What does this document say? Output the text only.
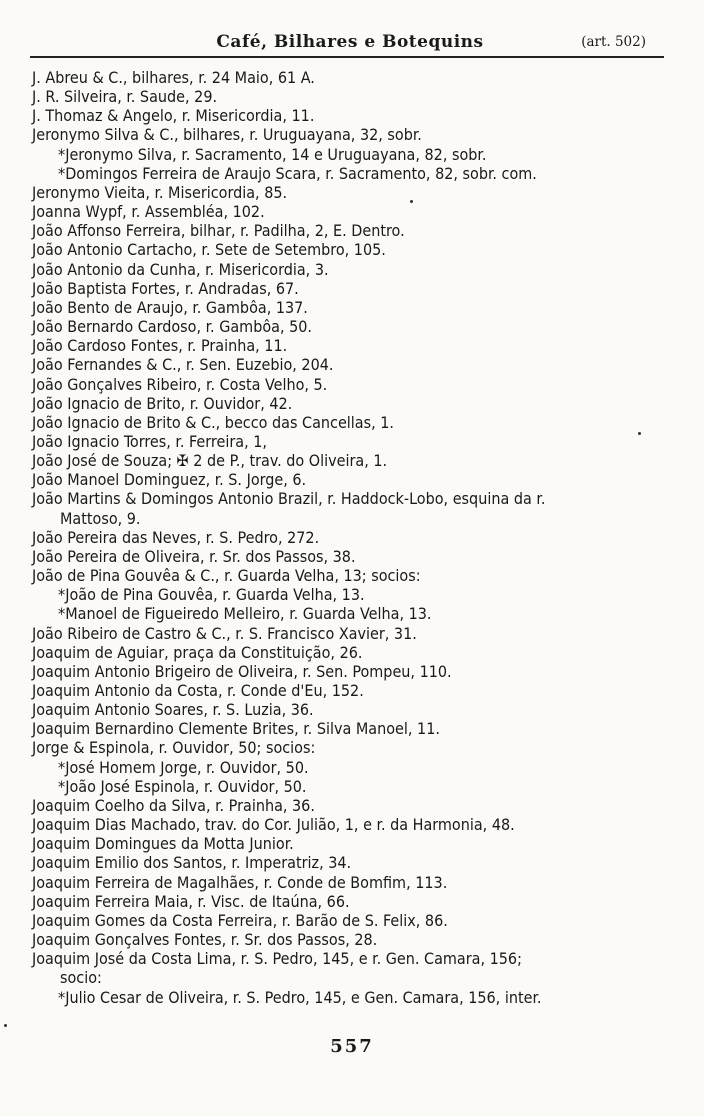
Café, Bilhares e Botequins	(art. 502)
J. Abreu & C., bilhares, r. 24 Maio, 61 A.
J. R. Silveira, r. Saude, 29.
J. Thomaz & Angelo, r. Misericordia, 11.
Jeronymo Silva & C., bilhares, r. Uruguayana, 32, sobr.
*Jeronymo Silva, r. Sacramento, 14 e Uruguayana, 82, sobr.
*Domingos Ferreira de Araujo Scara, r. Sacramento, 82, sobr. com.
Jeronymo Vieita, r. Misericordia, 85.
Joanna Wypf, r. Assembléa, 102.
João Affonso Ferreira, bilhar, r. Padilha, 2, E. Dentro.
João Antonio Cartacho, r. Sete de Setembro, 105.
João Antonio da Cunha, r. Misericordia, 3.
João Baptista Fortes, r. Andradas, 67.
João Bento de Araujo, r. Gambôa, 137.
João Bernardo Cardoso, r. Gambôa, 50.
João Cardoso Fontes, r. Prainha, 11.
João Fernandes & C., r. Sen. Euzebio, 204.
João Gonçalves Ribeiro, r. Costa Velho, 5.
João Ignacio de Brito, r. Ouvidor, 42.
João Ignacio de Brito & C., becco das Cancellas, 1.
João Ignacio Torres, r. Ferreira, 1,
João José de Souza; ✠ 2 de P., trav. do Oliveira, 1.
João Manoel Dominguez, r. S. Jorge, 6.
João Martins & Domingos Antonio Brazil, r. Haddock-Lobo, esquina da r.
Mattoso, 9.
João Pereira das Neves, r. S. Pedro, 272.
João Pereira de Oliveira, r. Sr. dos Passos, 38.
João de Pina Gouvêa & C., r. Guarda Velha, 13; socios:
*João de Pina Gouvêa, r. Guarda Velha, 13.
*Manoel de Figueiredo Melleiro, r. Guarda Velha, 13.
João Ribeiro de Castro & C., r. S. Francisco Xavier, 31.
Joaquim de Aguiar, praça da Constituição, 26.
Joaquim Antonio Brigeiro de Oliveira, r. Sen. Pompeu, 110.
Joaquim Antonio da Costa, r. Conde d'Eu, 152.
Joaquim Antonio Soares, r. S. Luzia, 36.
Joaquim Bernardino Clemente Brites, r. Silva Manoel, 11.
Jorge & Espinola, r. Ouvidor, 50; socios:
*José Homem Jorge, r. Ouvidor, 50.
*João José Espinola, r. Ouvidor, 50.
Joaquim Coelho da Silva, r. Prainha, 36.
Joaquim Dias Machado, trav. do Cor. Julião, 1, e r. da Harmonia, 48.
Joaquim Domingues da Motta Junior.
Joaquim Emilio dos Santos, r. Imperatriz, 34.
Joaquim Ferreira de Magalhães, r. Conde de Bomfim, 113.
Joaquim Ferreira Maia, r. Visc. de Itaúna, 66.
Joaquim Gomes da Costa Ferreira, r. Barão de S. Felix, 86.
Joaquim Gonçalves Fontes, r. Sr. dos Passos, 28.
Joaquim José da Costa Lima, r. S. Pedro, 145, e r. Gen. Camara, 156;
socio:
*Julio Cesar de Oliveira, r. S. Pedro, 145, e Gen. Camara, 156, inter.
557
